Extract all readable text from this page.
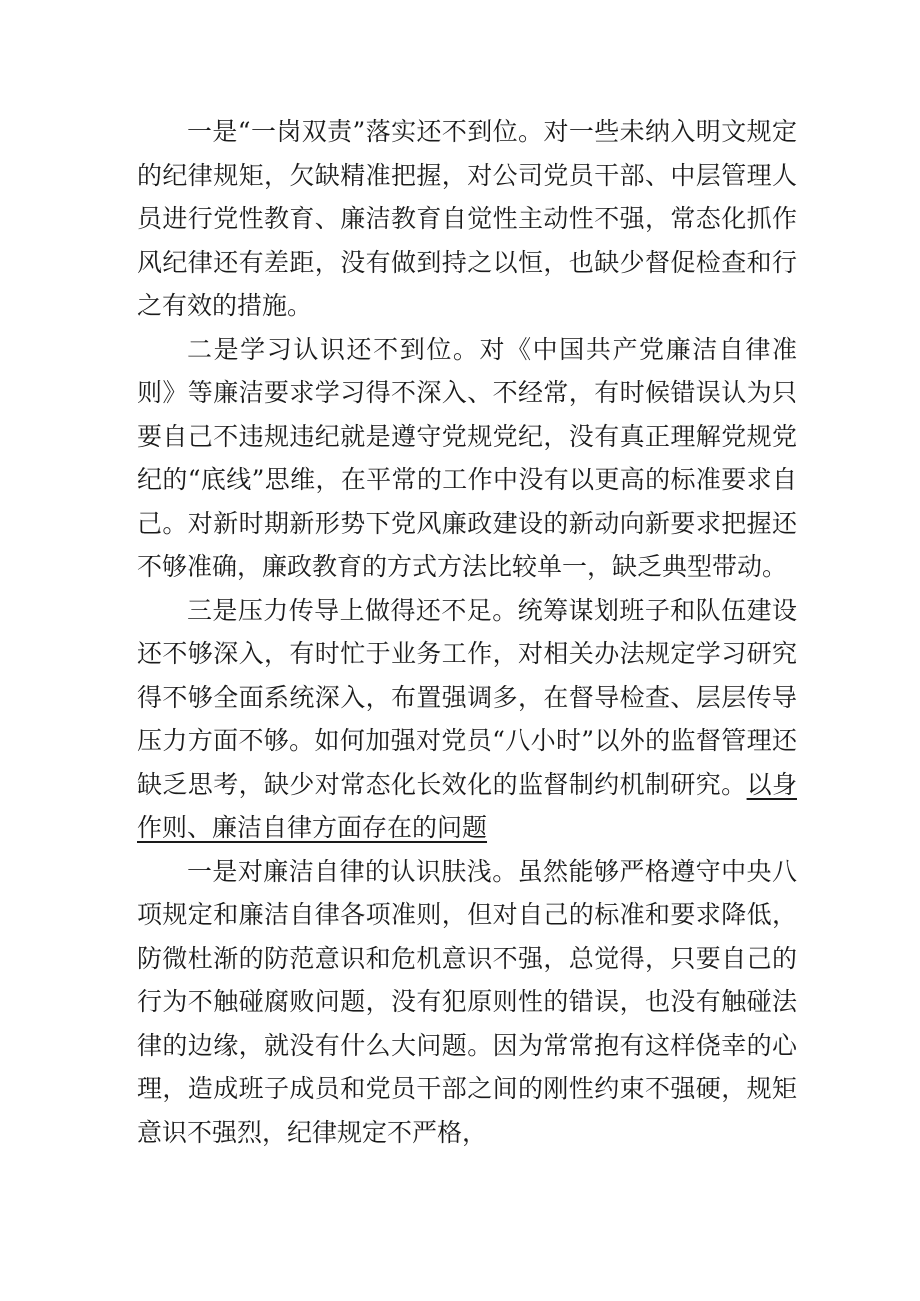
一是“一岗双责”落实还不到位。对一些未纳入明文规定的纪律规矩，欠缺精准把握，对公司党员干部、中层管理人员进行党性教育、廉洁教育自觉性主动性不强，常态化抓作风纪律还有差距，没有做到持之以恒，也缺少督促检查和行之有效的措施。

二是学习认识还不到位。对《中国共产党廉洁自律准则》等廉洁要求学习得不深入、不经常，有时候错误认为只要自己不违规违纪就是遵守党规党纪，没有真正理解党规党纪的“底线”思维，在平常的工作中没有以更高的标准要求自己。对新时期新形势下党风廉政建设的新动向新要求把握还不够准确，廉政教育的方式方法比较单一，缺乏典型带动。

三是压力传导上做得还不足。统筹谋划班子和队伍建设还不够深入，有时忙于业务工作，对相关办法规定学习研究得不够全面系统深入，布置强调多，在督导检查、层层传导压力方面不够。如何加强对党员“八小时”以外的监督管理还缺乏思考，缺少对常态化长效化的监督制约机制研究。以身作则、廉洁自律方面存在的问题

一是对廉洁自律的认识肤浅。虽然能够严格遵守中央八项规定和廉洁自律各项准则，但对自己的标准和要求降低，防微杜渐的防范意识和危机意识不强，总觉得，只要自己的行为不触碰腐败问题，没有犯原则性的错误，也没有触碰法律的边缘，就没有什么大问题。因为常常抱有这样侥幸的心理，造成班子成员和党员干部之间的刚性约束不强硬，规矩意识不强烈，纪律规定不严格，
